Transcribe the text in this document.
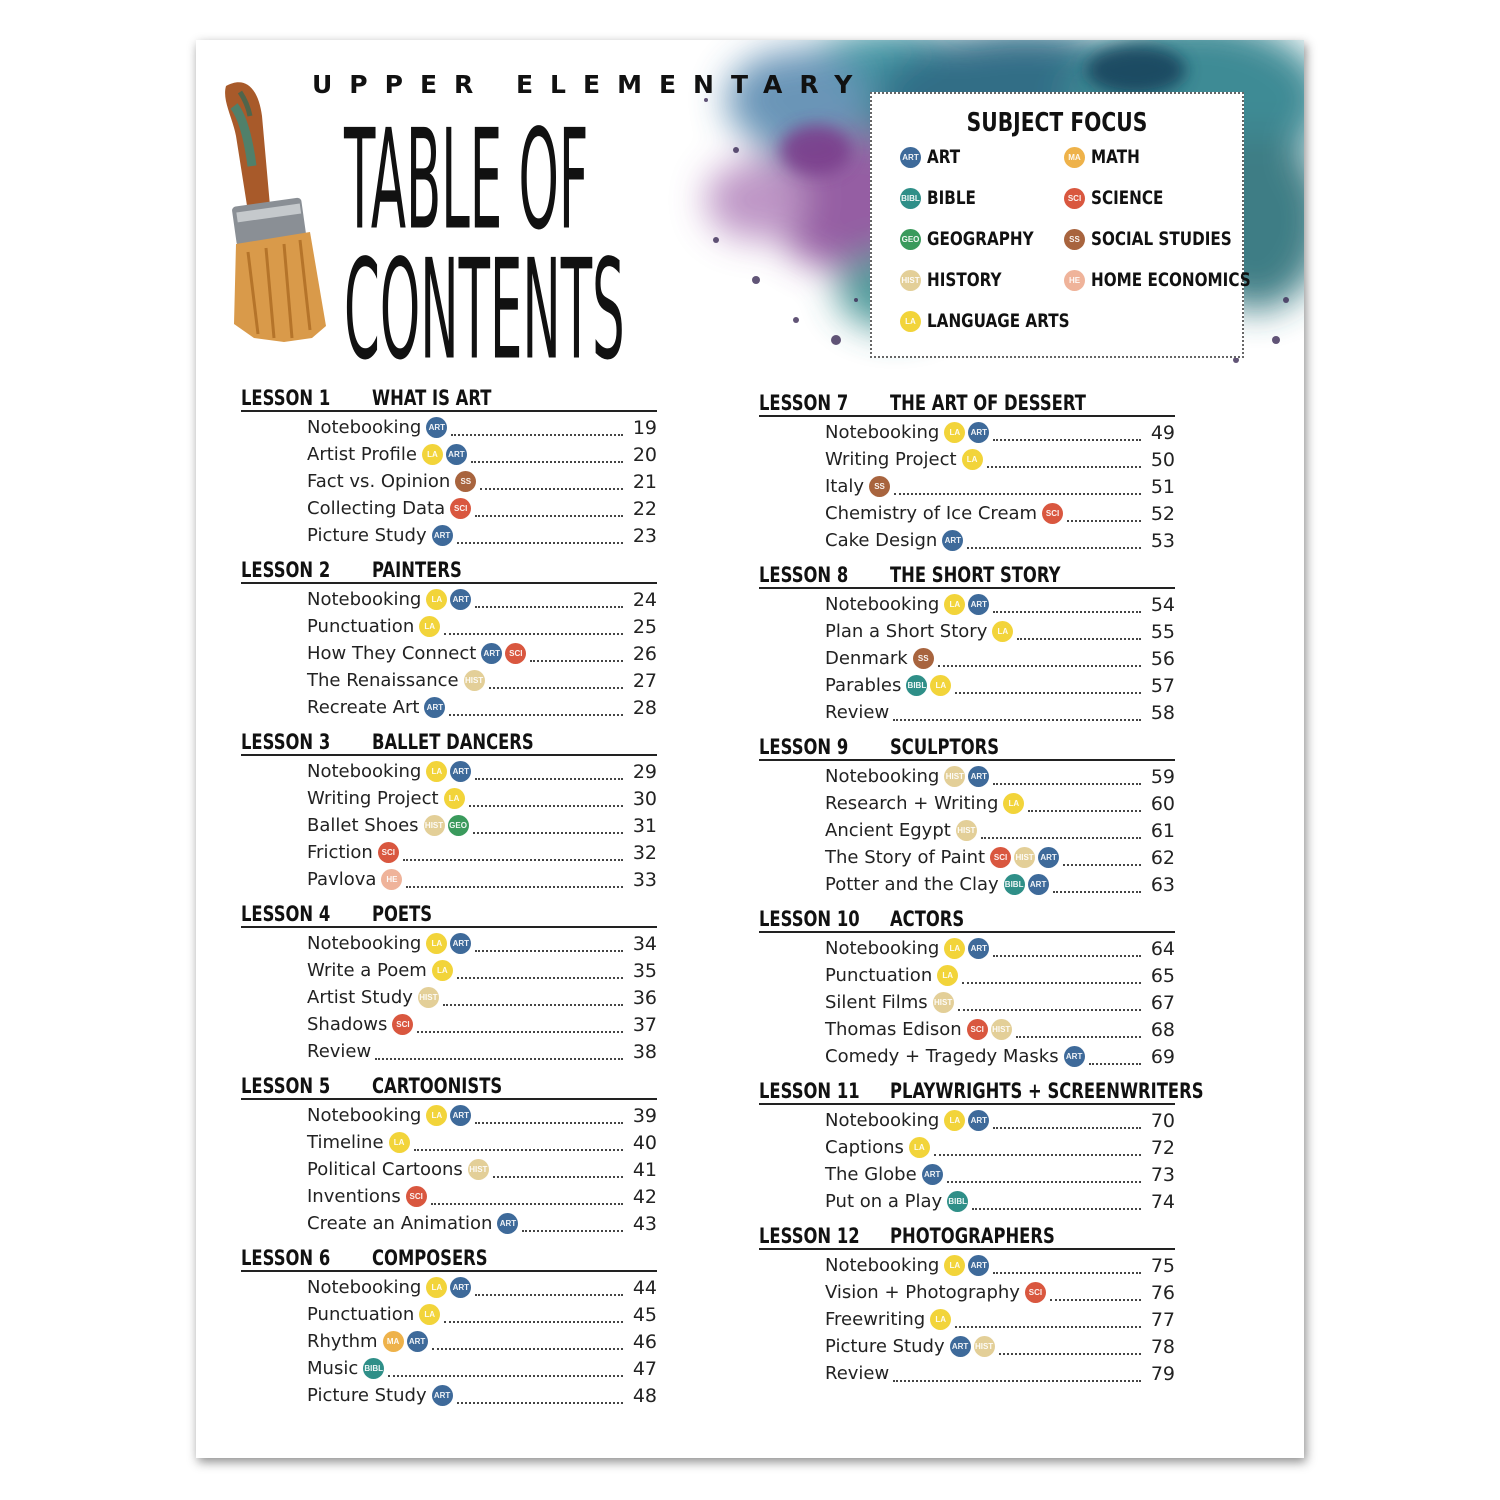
UPPER ELEMENTARY
TABLE OF
CONTENTS
SUBJECT FOCUS
ART ART
BIBL BIBLE
GEO GEOGRAPHY
HIST HISTORY
LA LANGUAGE ARTS
MA MATH
SCI SCIENCE
SS SOCIAL STUDIES
HE HOME ECONOMICS
LESSON 1 WHAT IS ART
Notebooking ART	19
Artist Profile	LA	ART	20
Fact vs. Opinion	SS	21
Collecting Data	SCI	22
Picture Study ART	23
LESSON 2 PAINTERS
Notebooking	LA	ART	24
Punctuation	LA	25
How They Connect ART	SCI	26
The Renaissance HIST	27
Recreate Art ART	28
LESSON 3 BALLET DANCERS
Notebooking	LA	ART	29
Writing Project	LA	30
Ballet Shoes HIST GEO	31
Friction	SCI	32
Pavlova	HE	33
LESSON 4 POETS
Notebooking	LA	ART	34
Write a Poem	LA	35
Artist Study HIST	36
Shadows	SCI	37
Review	38
LESSON 5 CARTOONISTS
Notebooking	LA	ART	39
Timeline	LA	40
Political Cartoons HIST	41
Inventions	SCI	42
Create an Animation ART	43
LESSON 6 COMPOSERS
Notebooking	LA	ART	44
Punctuation	LA	45
Rhythm	MA	ART	46
Music BIBL	47
Picture Study ART	48
LESSON 7 THE ART OF DESSERT
Notebooking	LA	ART	49
Writing Project	LA	50
Italy	SS	51
Chemistry of Ice Cream	SCI	52
Cake Design ART	53
LESSON 8 THE SHORT STORY
Notebooking	LA	ART	54
Plan a Short Story	LA	55
Denmark	SS	56
Parables BIBL	LA	57
Review	58
LESSON 9 SCULPTORS
Notebooking HIST ART	59
Research + Writing	LA	60
Ancient Egypt HIST	61
The Story of Paint	SCI	HIST ART	62
Potter and the Clay BIBL ART	63
LESSON 10 ACTORS
Notebooking	LA	ART	64
Punctuation	LA	65
Silent Films HIST	67
Thomas Edison	SCI	HIST	68
Comedy + Tragedy Masks ART	69
LESSON 11 PLAYWRIGHTS + SCREENWRITERS
Notebooking	LA	ART	70
Captions	LA	72
The Globe ART	73
Put on a Play BIBL	74
LESSON 12 PHOTOGRAPHERS
Notebooking	LA	ART	75
Vision + Photography	SCI	76
Freewriting	LA	77
Picture Study ART HIST	78
Review	79
